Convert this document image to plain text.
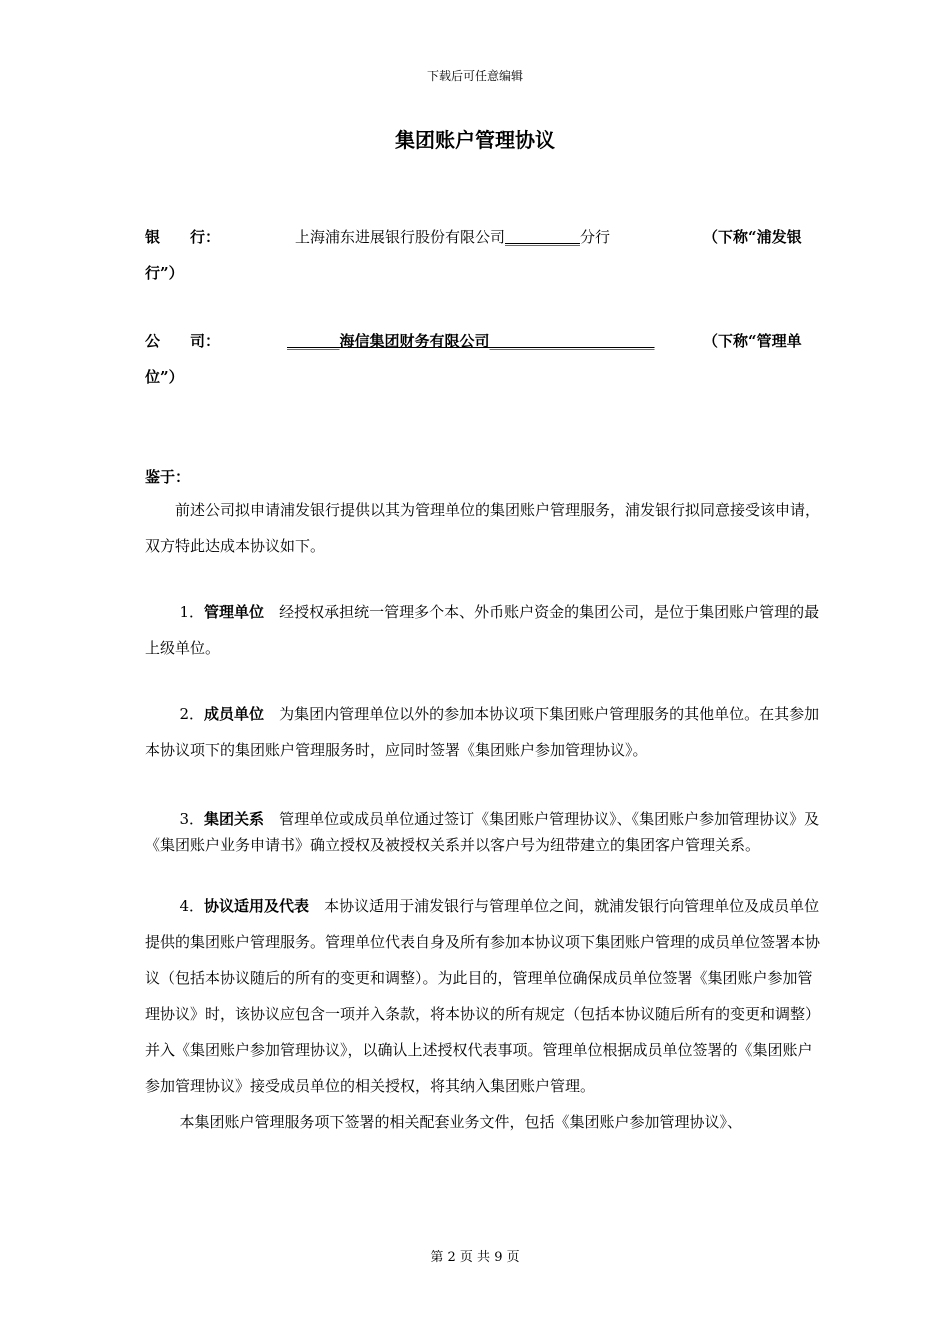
下载后可任意编辑
集团账户管理协议
银　　行：	上海浦东进展银行股份有限公司__________分行	（下称“浦发银
行”）
公　　司：	_______海信集团财务有限公司______________________	（下称“管理单
位”）

鉴于：

前述公司拟申请浦发银行提供以其为管理单位的集团账户管理服务，浦发银行拟同意接受该申请，双方特此达成本协议如下。

1．管理单位　 经授权承担统一管理多个本、外币账户资金的集团公司，是位于集团账户管理的最上级单位。

2．成员单位　 为集团内管理单位以外的参加本协议项下集团账户管理服务的其他单位。在其参加本协议项下的集团账户管理服务时，应同时签署《集团账户参加管理协议》。

3．集团关系　 管理单位或成员单位通过签订《集团账户管理协议》、《集团账户参加管理协议》及《集团账户业务申请书》确立授权及被授权关系并以客户号为纽带建立的集团客户管理关系。

4．协议适用及代表　 本协议适用于浦发银行与管理单位之间，就浦发银行向管理单位及成员单位提供的集团账户管理服务。管理单位代表自身及所有参加本协议项下集团账户管理的成员单位签署本协议（包括本协议随后的所有的变更和调整）。为此目的，管理单位确保成员单位签署《集团账户参加管理协议》时，该协议应包含一项并入条款，将本协议的所有规定（包括本协议随后所有的变更和调整）并入《集团账户参加管理协议》，以确认上述授权代表事项。管理单位根据成员单位签署的《集团账户参加管理协议》接受成员单位的相关授权，将其纳入集团账户管理。

本集团账户管理服务项下签署的相关配套业务文件，包括《集团账户参加管理协议》、

第 2 页 共 9 页
